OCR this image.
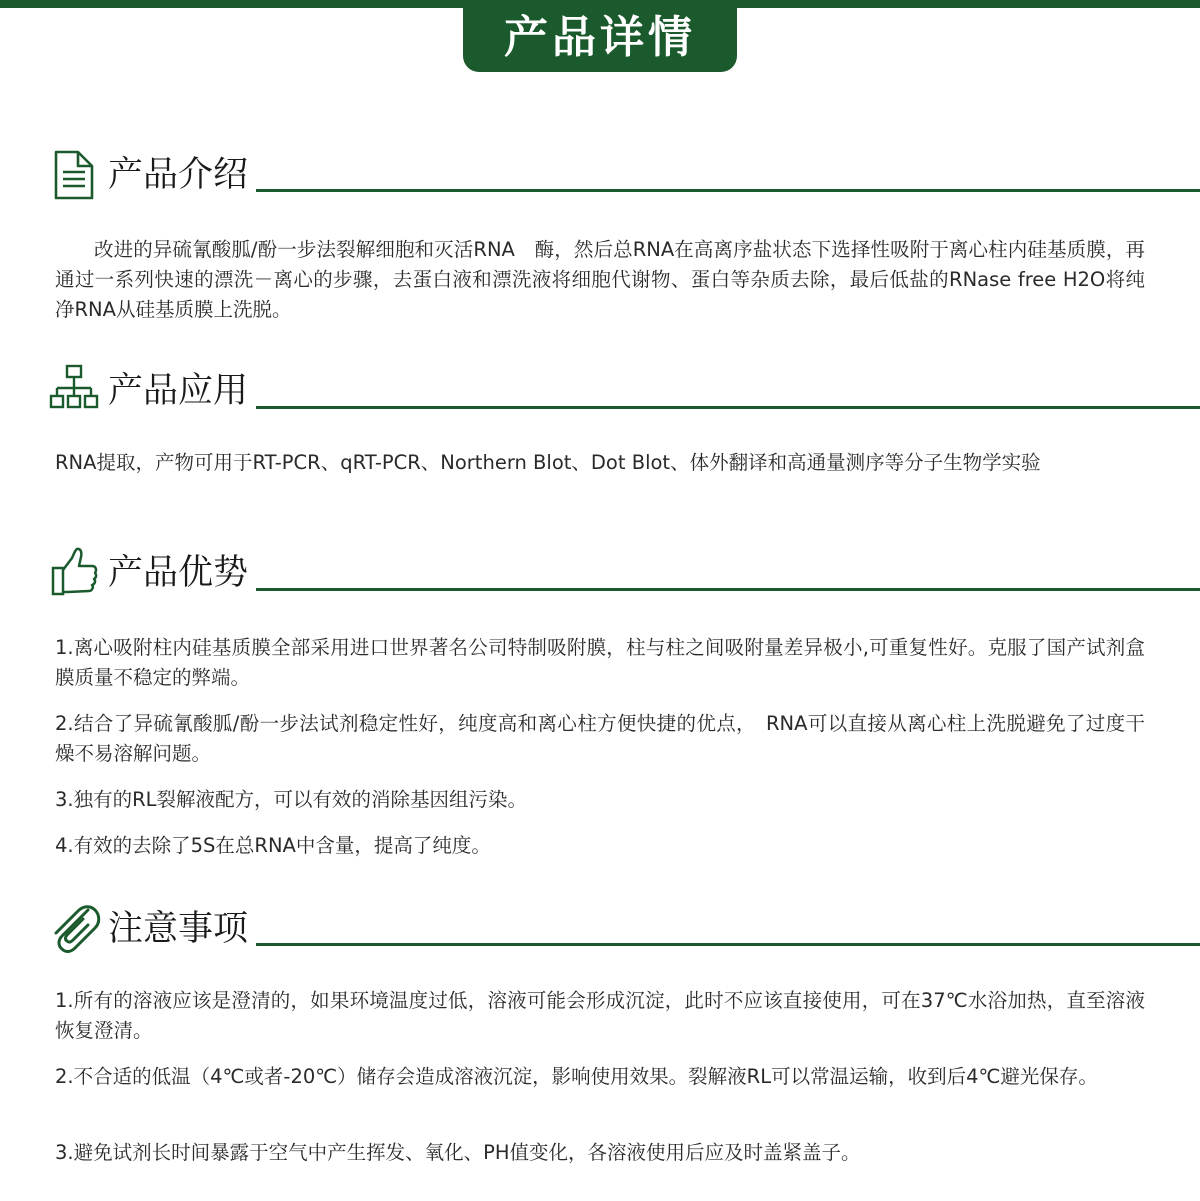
产品详情
产品介绍

改进的异硫氰酸胍/酚一步法裂解细胞和灭活RNA　酶，然后总RNA在高离序盐状态下选择性吸附于离心柱内硅基质膜，再通过一系列快速的漂洗－离心的步骤，去蛋白液和漂洗液将细胞代谢物、蛋白等杂质去除，最后低盐的RNase free H2O将纯净RNA从硅基质膜上洗脱。

产品应用

RNA提取，产物可用于RT-PCR、qRT-PCR、Northern Blot、Dot Blot、体外翻译和高通量测序等分子生物学实验

产品优势

1.离心吸附柱内硅基质膜全部采用进口世界著名公司特制吸附膜，柱与柱之间吸附量差异极小,可重复性好。克服了国产试剂盒膜质量不稳定的弊端。

2.结合了异硫氰酸胍/酚一步法试剂稳定性好，纯度高和离心柱方便快捷的优点，　RNA可以直接从离心柱上洗脱避免了过度干燥不易溶解问题。

3.独有的RL裂解液配方，可以有效的消除基因组污染。

4.有效的去除了5S在总RNA中含量，提高了纯度。

注意事项

1.所有的溶液应该是澄清的，如果环境温度过低，溶液可能会形成沉淀，此时不应该直接使用，可在37℃水浴加热，直至溶液恢复澄清。

2.不合适的低温（4℃或者-20℃）储存会造成溶液沉淀，影响使用效果。裂解液RL可以常温运输，收到后4℃避光保存。

3.避免试剂长时间暴露于空气中产生挥发、氧化、PH值变化，各溶液使用后应及时盖紧盖子。
